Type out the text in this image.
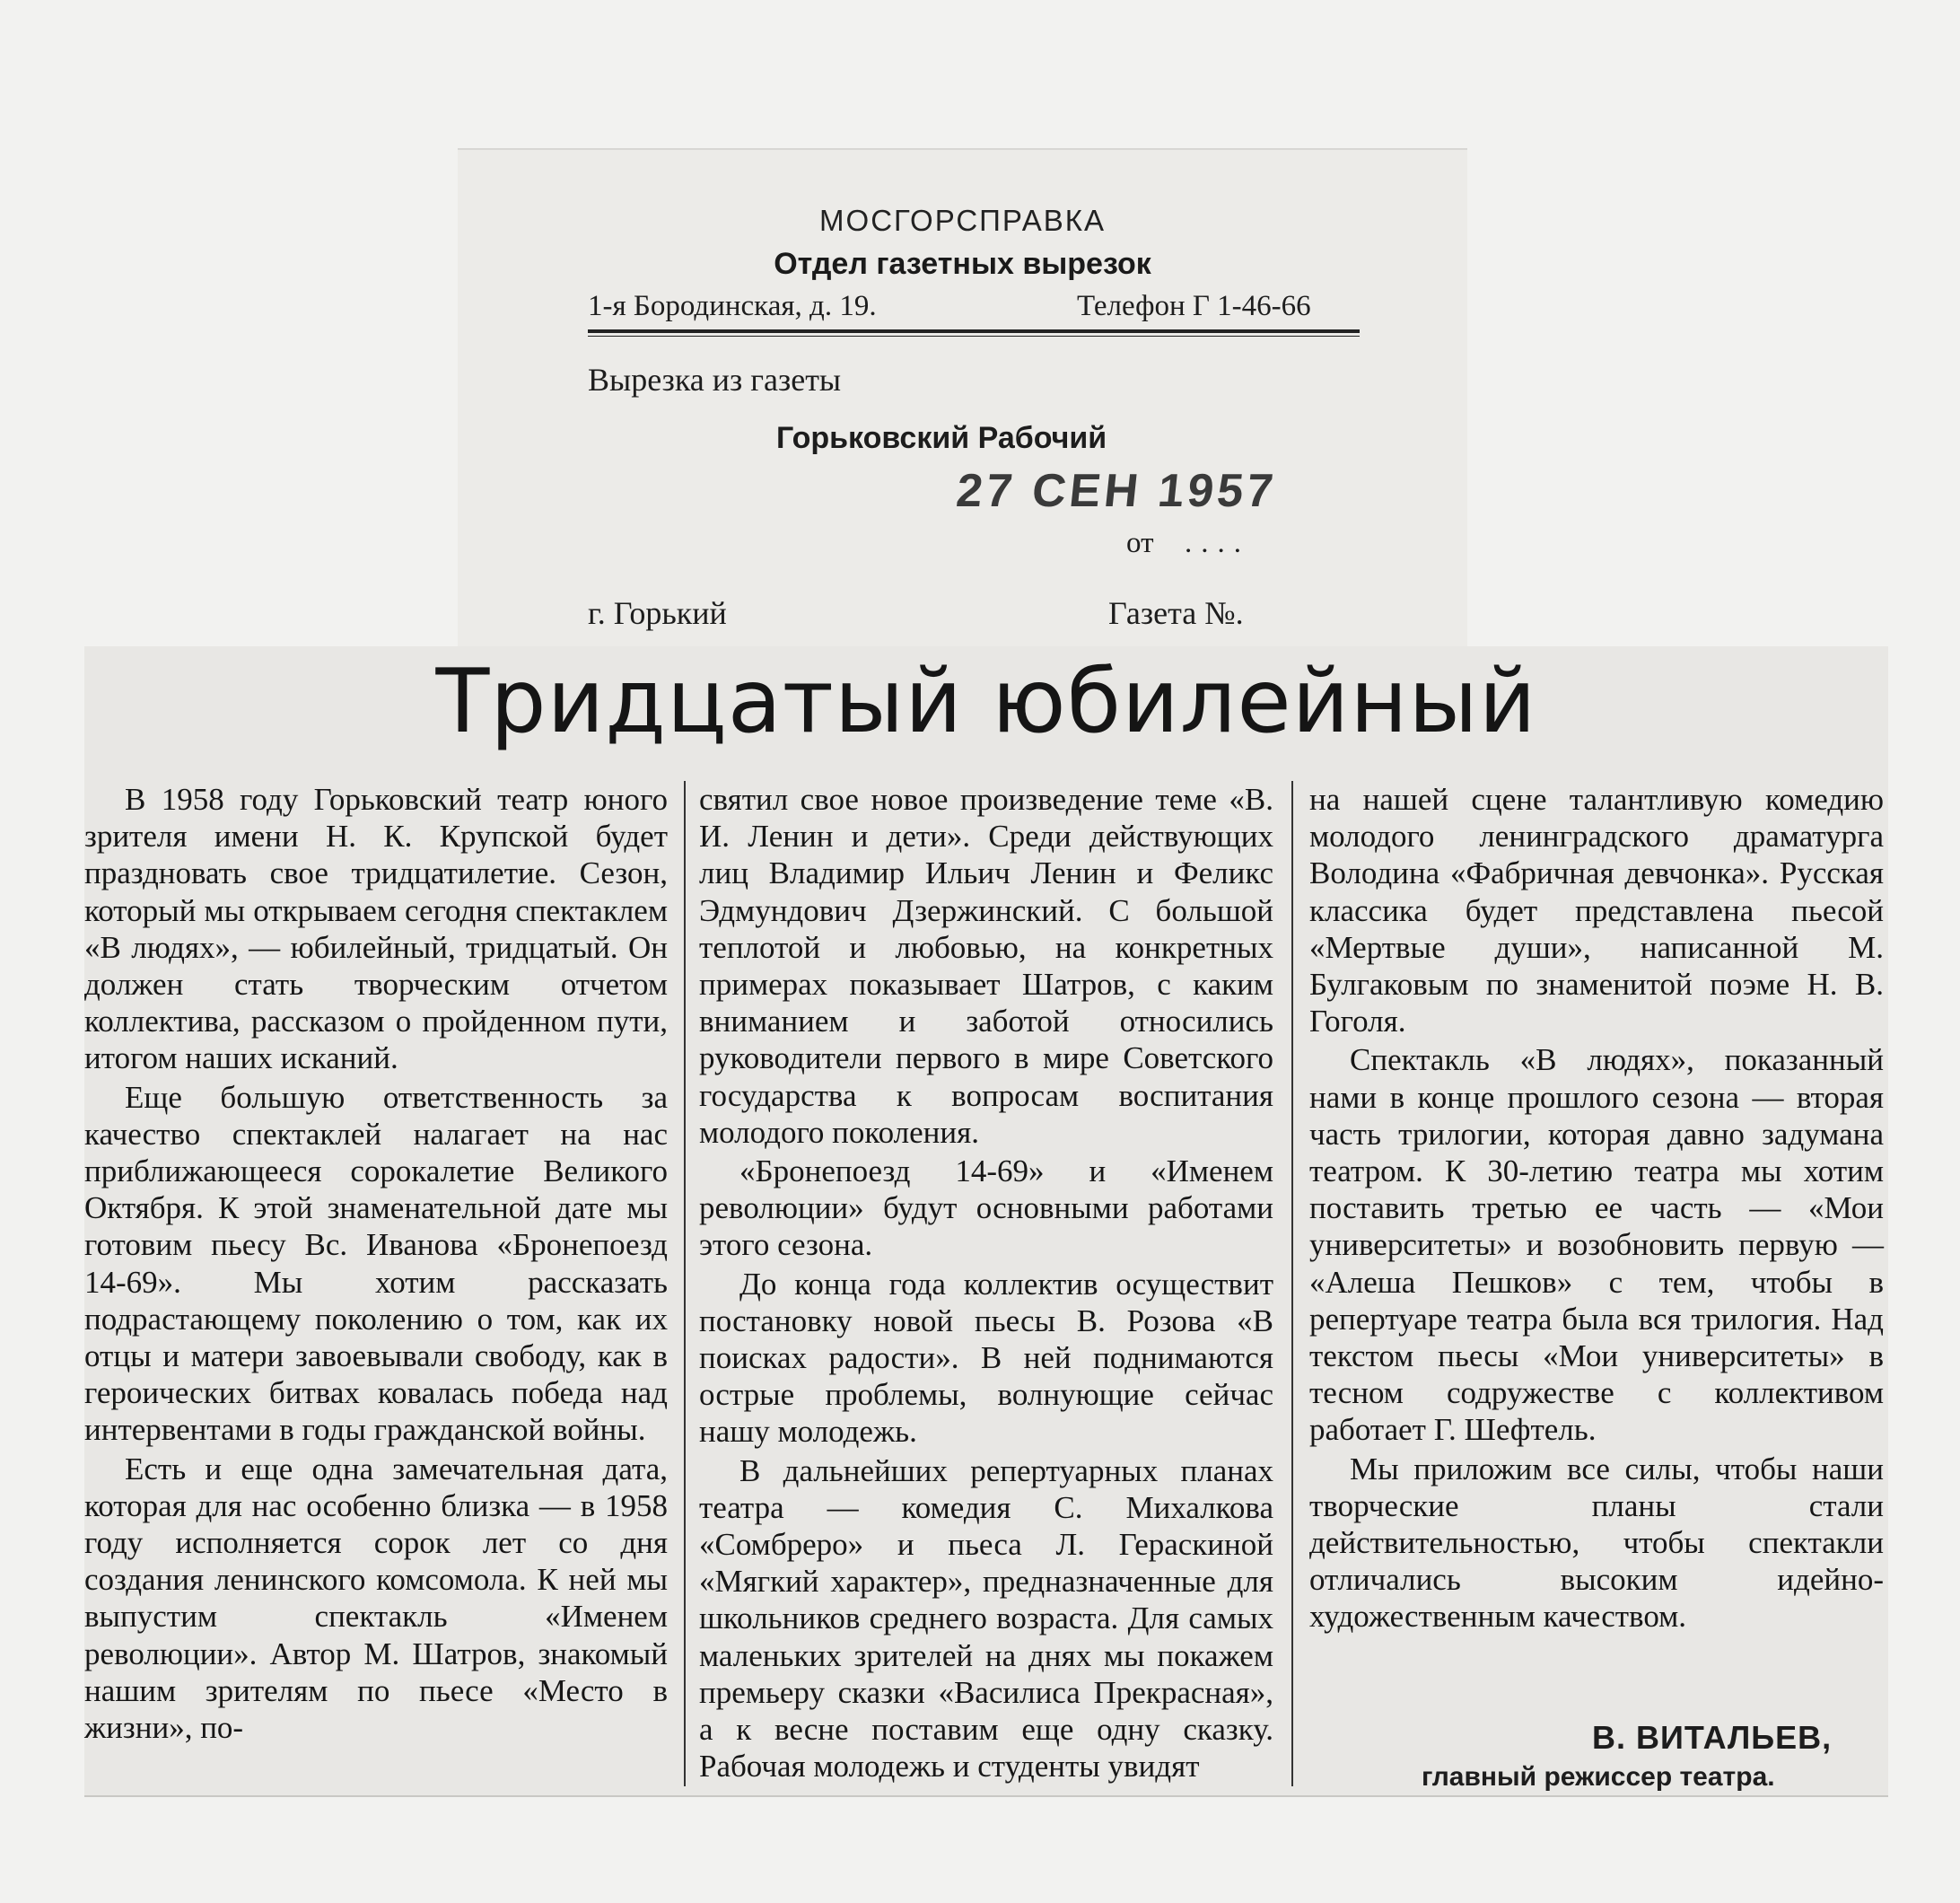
МОСГОРСПРАВКА
Отдел газетных вырезок
1-я Бородинская, д. 19.	Телефон Г 1-46-66
Вырезка из газеты
Горьковский Рабочий
27 СЕН 1957
от ....
г. Горький	Газета №.
Тридцатый юбилейный

В 1958 году Горьковский театр юного зрителя имени Н. К. Крупской будет праздновать свое тридцатилетие. Сезон, который мы открываем сегодня спектаклем «В людях», — юбилейный, тридцатый. Он должен стать творческим отчетом коллектива, рассказом о пройденном пути, итогом наших исканий.

Еще большую ответственность за качество спектаклей налагает на нас приближающееся сорокалетие Великого Октября. К этой знаменательной дате мы готовим пьесу Вс. Иванова «Бронепоезд 14-69». Мы хотим рассказать подрастающему поколению о том, как их отцы и матери завоевывали свободу, как в героических битвах ковалась победа над интервентами в годы гражданской войны.

Есть и еще одна замечательная дата, которая для нас особенно близка — в 1958 году исполняется сорок лет со дня создания ленинского комсомола. К ней мы выпустим спектакль «Именем революции». Автор М. Шатров, знакомый нашим зрителям по пьесе «Место в жизни», по-

святил свое новое произведение теме «В. И. Ленин и дети». Среди действующих лиц Владимир Ильич Ленин и Феликс Эдмундович Дзержинский. С большой теплотой и любовью, на конкретных примерах показывает Шатров, с каким вниманием и заботой относились руководители первого в мире Советского государства к вопросам воспитания молодого поколения.

«Бронепоезд 14-69» и «Именем революции» будут основными работами этого сезона.

До конца года коллектив осуществит постановку новой пьесы В. Розова «В поисках радости». В ней поднимаются острые проблемы, волнующие сейчас нашу молодежь.

В дальнейших репертуарных планах театра — комедия С. Михалкова «Сомбреро» и пьеса Л. Гераскиной «Мягкий характер», предназначенные для школьников среднего возраста. Для самых маленьких зрителей на днях мы покажем премьеру сказки «Василиса Прекрасная», а к весне поставим еще одну сказку. Рабочая молодежь и студенты увидят

на нашей сцене талантливую комедию молодого ленинградского драматурга Володина «Фабричная девчонка». Русская классика будет представлена пьесой «Мертвые души», написанной М. Булгаковым по знаменитой поэме Н. В. Гоголя.

Спектакль «В людях», показанный нами в конце прошлого сезона — вторая часть трилогии, которая давно задумана театром. К 30-летию театра мы хотим поставить третью ее часть — «Мои университеты» и возобновить первую — «Алеша Пешков» с тем, чтобы в репертуаре театра была вся трилогия. Над текстом пьесы «Мои университеты» в тесном содружестве с коллективом работает Г. Шефтель.

Мы приложим все силы, чтобы наши творческие планы стали действительностью, чтобы спектакли отличались высоким идейно-художественным качеством.

В. ВИТАЛЬЕВ,
главный режиссер театра.
